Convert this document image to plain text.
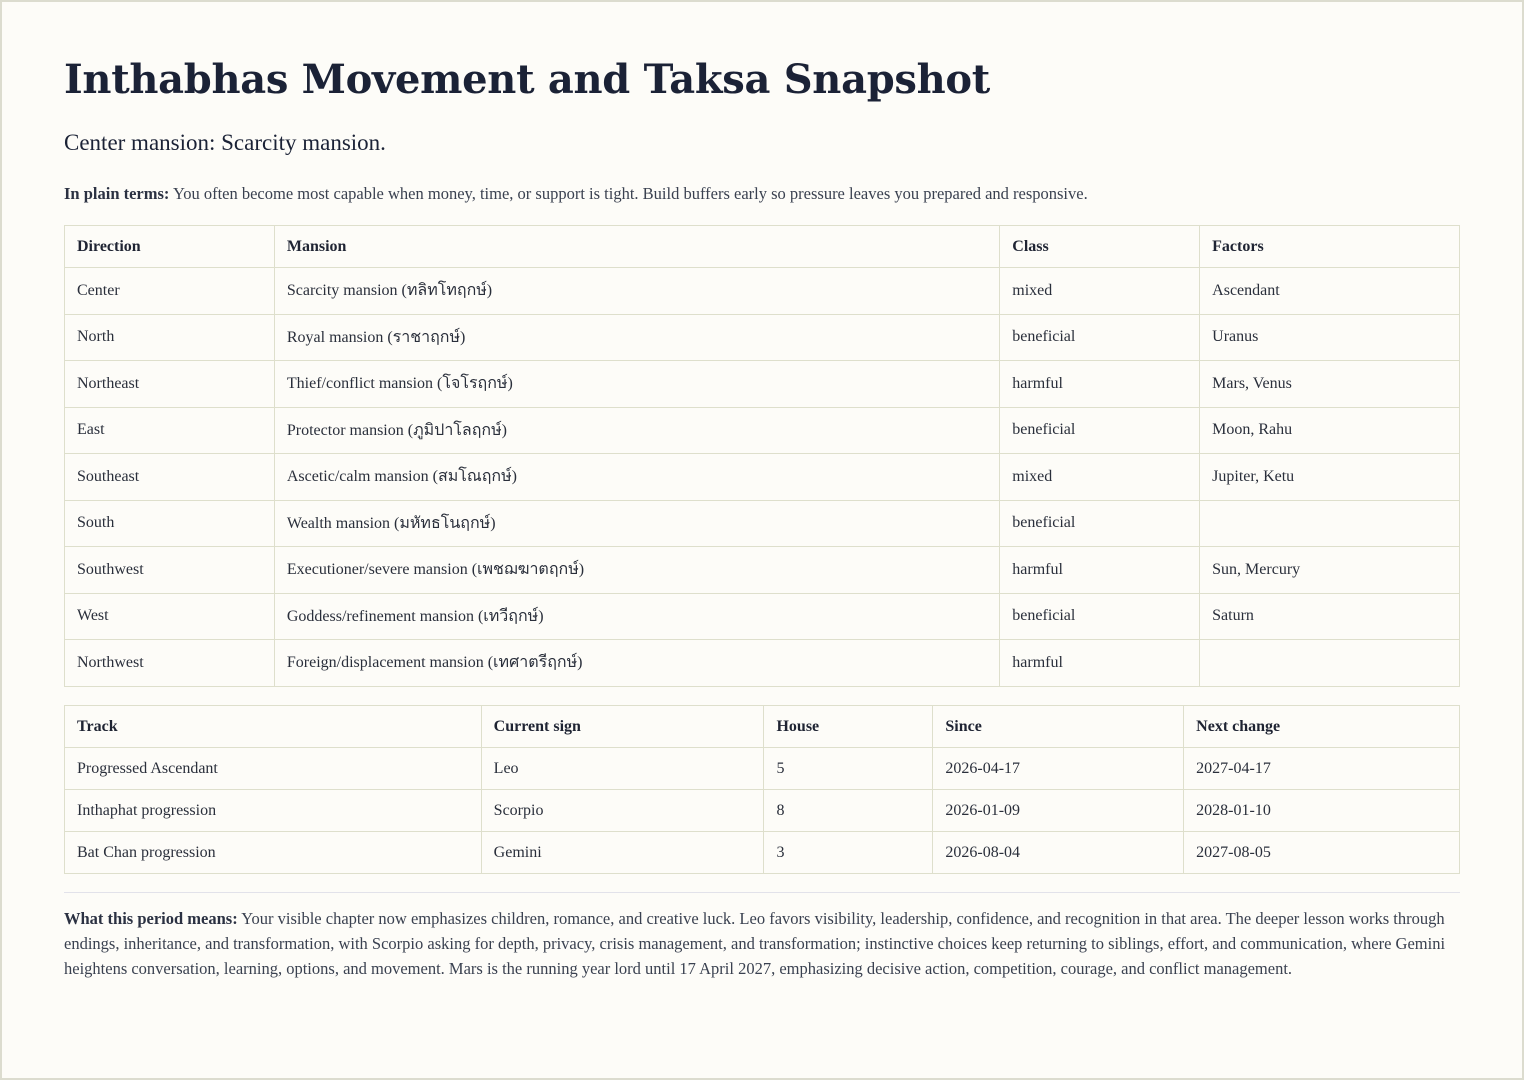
Inthabhas Movement and Taksa Snapshot

Center mansion: Scarcity mansion.

In plain terms: You often become most capable when money, time, or support is tight. Build buffers early so pressure leaves you prepared and responsive.

Direction	Mansion	Class	Factors
Center	Scarcity mansion (ทลิทโทฤกษ์)	mixed	Ascendant
North	Royal mansion (ราชาฤกษ์)	beneficial	Uranus
Northeast	Thief/conflict mansion (โจโรฤกษ์)	harmful	Mars, Venus
East	Protector mansion (ภูมิปาโลฤกษ์)	beneficial	Moon, Rahu
Southeast	Ascetic/calm mansion (สมโณฤกษ์)	mixed	Jupiter, Ketu
South	Wealth mansion (มหัทธโนฤกษ์)	beneficial	
Southwest	Executioner/severe mansion (เพชฌฆาตฤกษ์)	harmful	Sun, Mercury
West	Goddess/refinement mansion (เทวีฤกษ์)	beneficial	Saturn
Northwest	Foreign/displacement mansion (เทศาตรีฤกษ์)	harmful	
Track	Current sign	House	Since	Next change
Progressed Ascendant	Leo	5	2026-04-17	2027-04-17
Inthaphat progression	Scorpio	8	2026-01-09	2028-01-10
Bat Chan progression	Gemini	3	2026-08-04	2027-08-05

What this period means: Your visible chapter now emphasizes children, romance, and creative luck. Leo favors visibility, leadership, confidence, and recognition in that area. The deeper lesson works through endings, inheritance, and transformation, with Scorpio asking for depth, privacy, crisis management, and transformation; instinctive choices keep returning to siblings, effort, and communication, where Gemini heightens conversation, learning, options, and movement. Mars is the running year lord until 17 April 2027, emphasizing decisive action, competition, courage, and conflict management.
